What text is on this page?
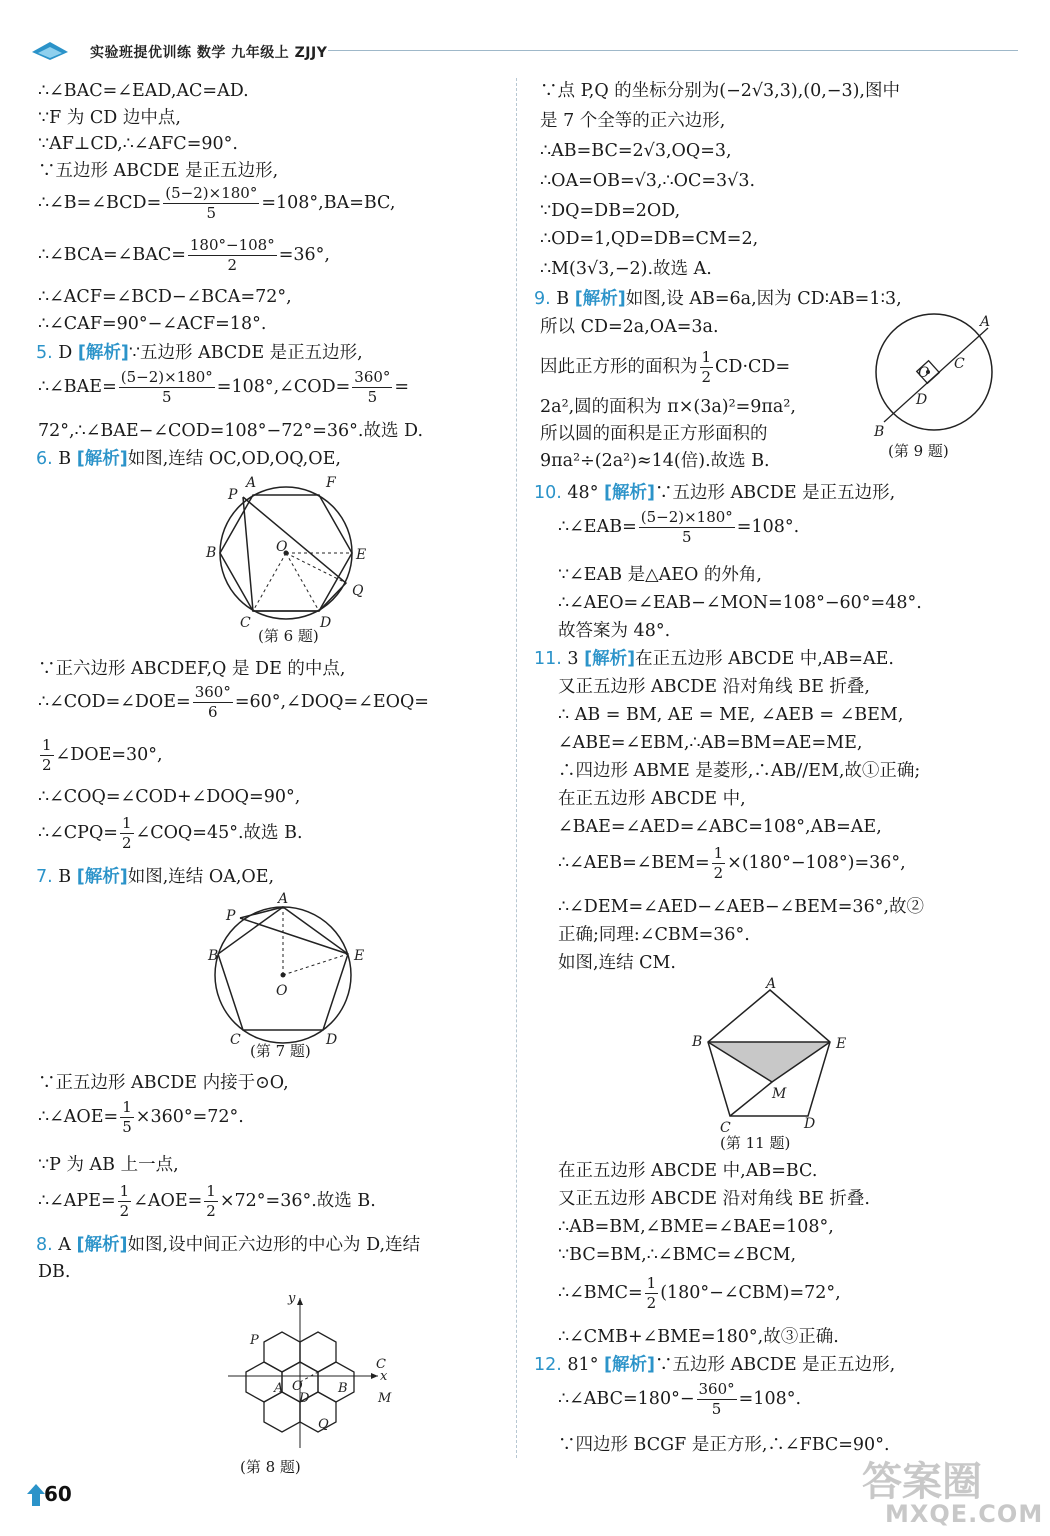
实验班提优训练 数学 九年级上 ZJJY
∴∠BAC=∠EAD,AC=AD.
∵F 为 CD 边中点,
∵AF⊥CD,∴∠AFC=90°.
∵五边形 ABCDE 是正五边形,
∴∠B=∠BCD= $\frac{(5-2)\times 180^\circ}{5} =108^\circ,BA=BC$,
∴∠BCA=∠BAC= $\frac{180^\circ-108^\circ}{2} =36^\circ$,
∴∠ACF=∠BCD−∠BCA=72°,
∴∠CAF=90°−∠ACF=18°.
5. D [解析]∵五边形 ABCDE 是正五边形,
∴∠BAE= $\frac{(5-2)\times 180^\circ}{5}$ =108°,∠COD= $\frac{360^\circ}{5}$ =
72°,∴∠BAE−∠COD=108°−72°=36°.故选 D.
6. B [解析]如图,连结 OC,OD,OQ,OE,
P
A	F
B	E
O
Q
C	D
(第 6 题)
∵正六边形 ABCDEF,Q 是 DE 的中点,
∴∠COD=∠DOE= $\frac{360^\circ}{6}$ =60°,∠DOQ=∠EOQ=
$\frac{1}{2}$ ∠DOE=30°,
∴∠COQ=∠COD+∠DOQ=90°,
∴∠CPQ= $\frac{1}{2}$ ∠COQ=45°.故选 B.
7. B [解析]如图,连结 OA,OE,
A
P
B	E
O
C	D
(第 7 题)
∵正五边形 ABCDE 内接于⊙O,
∴∠AOE= $\frac{1}{5} \times 360^\circ=72^\circ$.
∵P 为 AB 上一点,
∴∠APE= $\frac{1}{2}$ ∠AOE= $\frac{1}{2} \times 72^\circ=36^\circ$.故选 B.
8. A [解析]如图,设中间正六边形的中心为 D,连结
DB.
y
P
x
C
A O
D
B
M
Q
(第 8 题)
∵点 P,Q 的坐标分别为(−2√3,3),(0,−3),图中
是 7 个全等的正六边形,
∴AB=BC=2√3,OQ=3,
∴OA=OB=√3,∴OC=3√3.
∵DQ=DB=2OD,
∴OD=1,QD=DB=CM=2,
∴M(3√3,−2).故选 A.
9. B [解析]如图,设 AB=6a,因为 CD∶AB=1∶3,
所以 CD=2a,OA=3a.
因此正方形的面积为 $\frac{1}{2} CD\cdot CD=$
2a²,圆的面积为 π×(3a)²=9πa²,
所以圆的面积是正方形面积的
9πa²÷(2a²)≈14(倍).故选 B.
A
C
O
D
B
(第 9 题)
10. 48° [解析]∵五边形 ABCDE 是正五边形,
∴∠EAB= $\frac{(5-2)\times 180^\circ}{5} =108^\circ$.
∵∠EAB 是△AEO 的外角,
∴∠AEO=∠EAB−∠MON=108°−60°=48°.
故答案为 48°.
11. 3 [解析]在正五边形 ABCDE 中,AB=AE.
又正五边形 ABCDE 沿对角线 BE 折叠,
∴ AB = BM, AE = ME, ∠AEB = ∠BEM,
∠ABE=∠EBM,∴AB=BM=AE=ME,
∴四边形 ABME 是菱形,∴AB//EM,故①正确;
在正五边形 ABCDE 中,
∠BAE=∠AED=∠ABC=108°,AB=AE,
∴∠AEB=∠BEM= $\frac{1}{2} \times(180^\circ-108^\circ)=36^\circ$,
∴∠DEM=∠AED−∠AEB−∠BEM=36°,故②
正确;同理:∠CBM=36°.
如图,连结 CM.
A
B	E
M
C	D
(第 11 题)
在正五边形 ABCDE 中,AB=BC.
又正五边形 ABCDE 沿对角线 BE 折叠.
∴AB=BM,∠BME=∠BAE=108°,
∵BC=BM,∴∠BMC=∠BCM,
∴∠BMC= $\frac{1}{2}$ (180°−∠CBM)=72°,
∴∠CMB+∠BME=180°,故③正确.
12. 81° [解析]∵五边形 ABCDE 是正五边形,
∴∠ABC=180°− $\frac{360^\circ}{5} =108^\circ$.
∵四边形 BCGF 是正方形,∴∠FBC=90°.
60	答案圈
MXQE.COM
